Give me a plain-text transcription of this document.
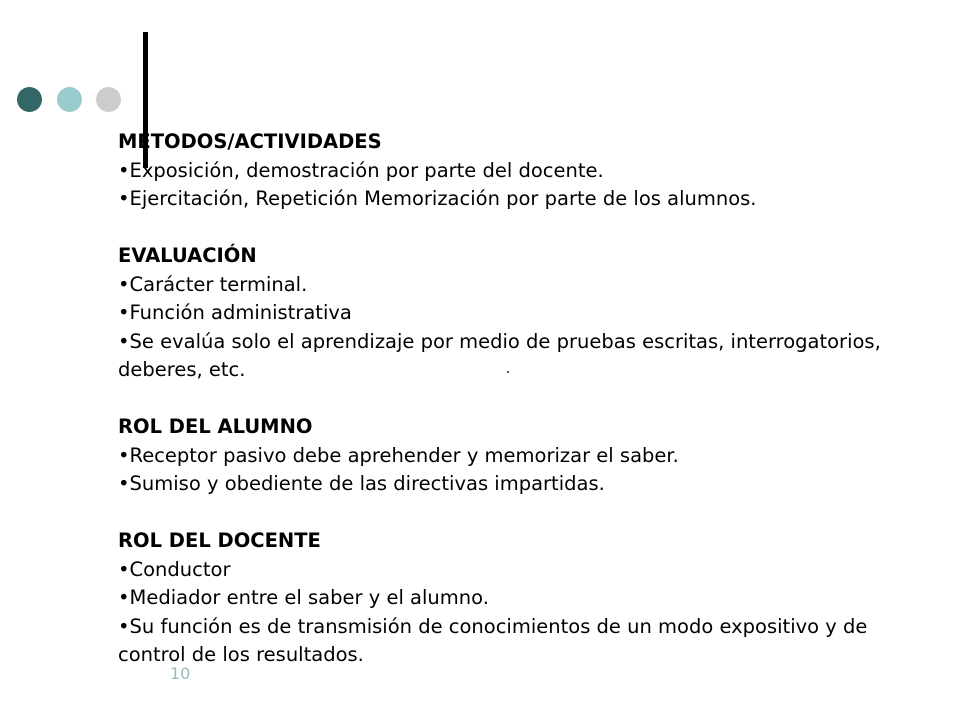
MÉTODOS/ACTIVIDADES
• Exposición, demostración por parte del docente.
• Ejercitación, Repetición Memorización por parte de los alumnos.
EVALUACIÓN
• Carácter terminal.
• Función administrativa
• Se evalúa solo el aprendizaje por medio de pruebas escritas, interrogatorios, deberes, etc.
ROL DEL ALUMNO
• Receptor pasivo debe aprehender y memorizar el saber.
• Sumiso y obediente de las directivas impartidas.
ROL DEL DOCENTE
• Conductor
• Mediador entre el saber y el alumno.
• Su función es de transmisión de conocimientos de un modo expositivo y de control de los resultados.
10
